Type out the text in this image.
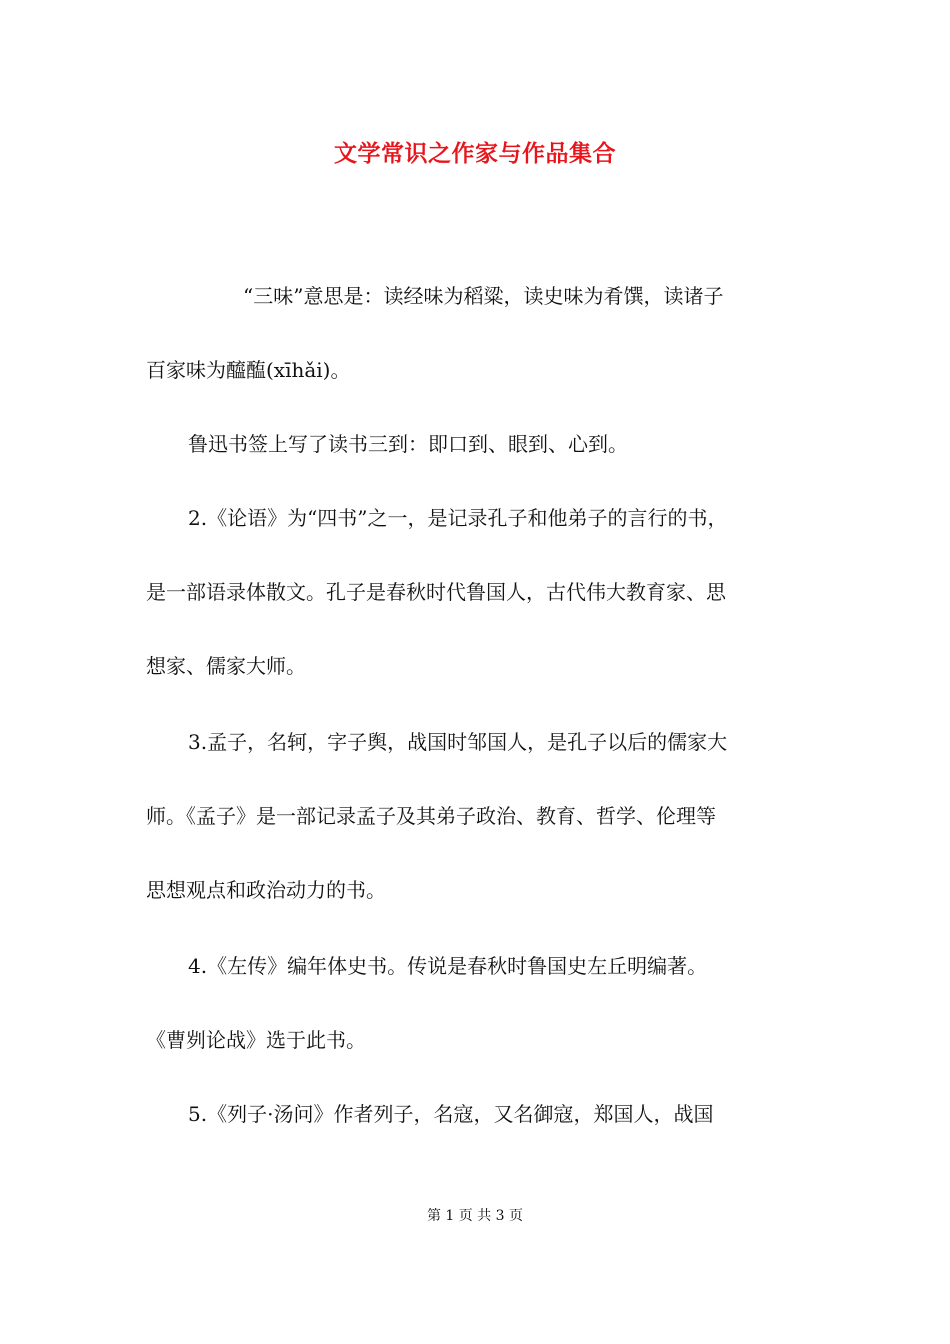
文学常识之作家与作品集合
“三味”意思是：读经味为稻粱，读史味为肴馔，读诸子
百家味为醯醢(xīhǎi)。
鲁迅书签上写了读书三到：即口到、眼到、心到。
2.《论语》为“四书”之一，是记录孔子和他弟子的言行的书，
是一部语录体散文。孔子是春秋时代鲁国人，古代伟大教育家、思
想家、儒家大师。
3.孟子，名轲，字子舆，战国时邹国人，是孔子以后的儒家大
师。《孟子》是一部记录孟子及其弟子政治、教育、哲学、伦理等
思想观点和政治动力的书。
4.《左传》编年体史书。传说是春秋时鲁国史左丘明编著。
《曹刿论战》选于此书。
5.《列子·汤问》作者列子，名寇，又名御寇，郑国人，战国
第 1 页 共 3 页
